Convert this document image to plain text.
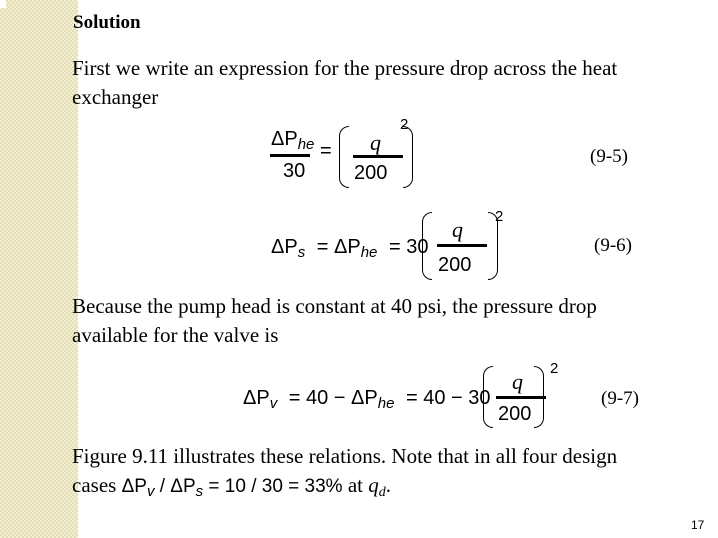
Solution
First we write an expression for the pressure drop across the heat
exchanger
$\Delta P_{he}$
30
= q
200
2
(9-5)
$\Delta P_s = \Delta P_{he} = 30$
q
200
2
(9-6)
Because the pump head is constant at 40 psi, the pressure drop
available for the valve is
$\Delta P_v = 40 - \Delta P_{he} = 40 - 30$
q
200
2
(9-7)
Figure 9.11 illustrates these relations. Note that in all four design
cases $\Delta P_v / \Delta P_s = 10 / 30 = 33\%$ at qd.
17
